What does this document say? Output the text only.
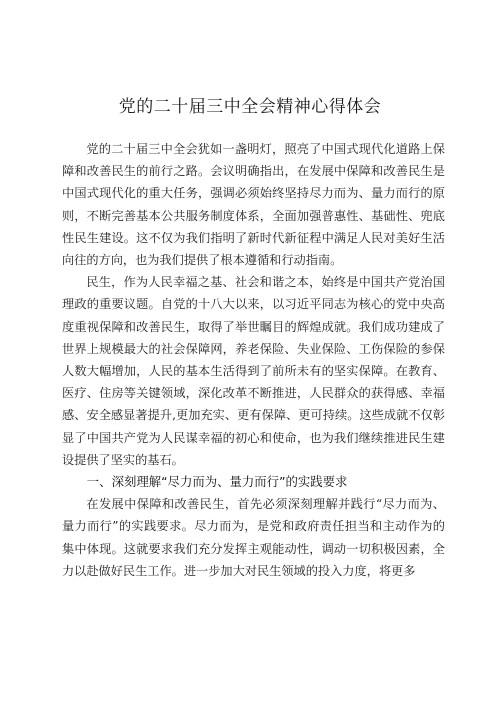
党的二十届三中全会精神心得体会

党的二十届三中全会犹如一盏明灯，照亮了中国式现代化道路上保障和改善民生的前行之路。会议明确指出，在发展中保障和改善民生是中国式现代化的重大任务，强调必须始终坚持尽力而为、量力而行的原则，不断完善基本公共服务制度体系，全面加强普惠性、基础性、兜底性民生建设。这不仅为我们指明了新时代新征程中满足人民对美好生活向往的方向，也为我们提供了根本遵循和行动指南。

民生，作为人民幸福之基、社会和谐之本，始终是中国共产党治国理政的重要议题。自党的十八大以来，以习近平同志为核心的党中央高度重视保障和改善民生，取得了举世瞩目的辉煌成就。我们成功建成了世界上规模最大的社会保障网，养老保险、失业保险、工伤保险的参保人数大幅增加，人民的基本生活得到了前所未有的坚实保障。在教育、医疗、住房等关键领域，深化改革不断推进，人民群众的获得感、幸福感、安全感显著提升,更加充实、更有保障、更可持续。这些成就不仅彰显了中国共产党为人民谋幸福的初心和使命，也为我们继续推进民生建设提供了坚实的基石。

一、深刻理解“尽力而为、量力而行”的实践要求

在发展中保障和改善民生，首先必须深刻理解并践行“尽力而为、量力而行”的实践要求。尽力而为，是党和政府责任担当和主动作为的集中体现。这就要求我们充分发挥主观能动性，调动一切积极因素，全力以赴做好民生工作。进一步加大对民生领域的投入力度，将更多
